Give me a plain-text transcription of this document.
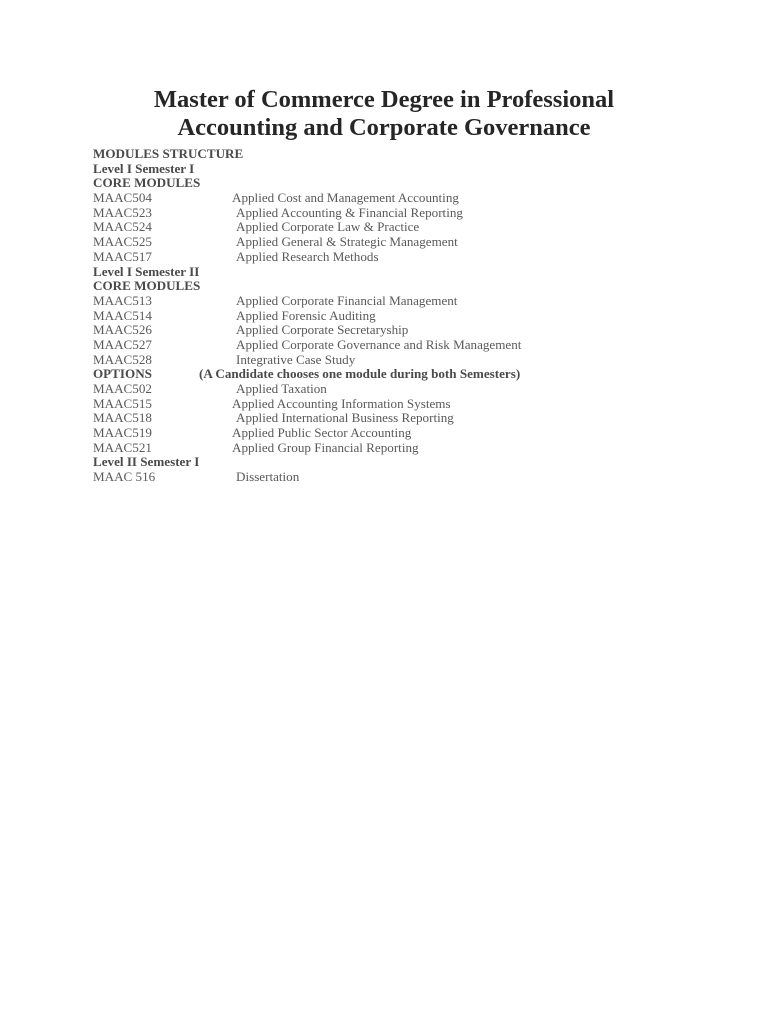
Master of Commerce Degree in Professional
Accounting and Corporate Governance
MODULES STRUCTURE
Level I Semester I
CORE MODULES
MAAC504	Applied Cost and Management Accounting
MAAC523	Applied Accounting & Financial Reporting
MAAC524	Applied Corporate Law & Practice
MAAC525	Applied General & Strategic Management
MAAC517	Applied Research Methods
Level I Semester II
CORE MODULES
MAAC513	Applied Corporate Financial Management
MAAC514	Applied Forensic Auditing
MAAC526	Applied Corporate Secretaryship
MAAC527	Applied Corporate Governance and Risk Management
MAAC528	Integrative Case Study
OPTIONS	(A Candidate chooses one module during both Semesters)
MAAC502	Applied Taxation
MAAC515	Applied Accounting Information Systems
MAAC518	Applied International Business Reporting
MAAC519	Applied Public Sector Accounting
MAAC521	Applied Group Financial Reporting
Level II Semester I
MAAC 516	Dissertation
